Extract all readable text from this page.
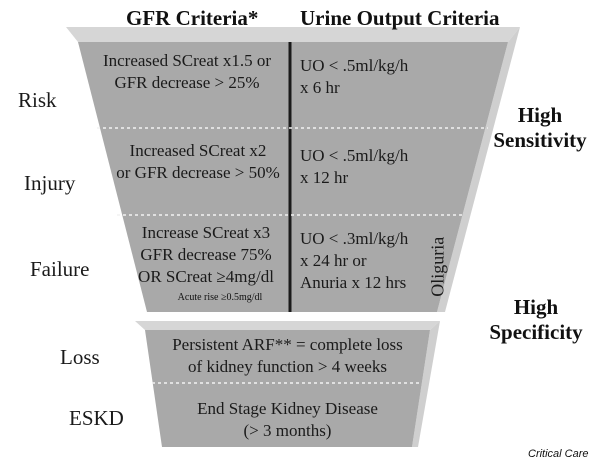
GFR Criteria* Urine Output Criteria
Risk
Injury
Failure
Loss
ESKD
Increased SCreat x1.5 or
GFR decrease > 25%
Increased SCreat x2
or GFR decrease > 50%
Increase SCreat x3
GFR decrease 75%
OR SCreat ≥4mg/dl
Acute rise ≥0.5mg/dl
UO < .5ml/kg/h
x 6 hr
UO < .5ml/kg/h
x 12 hr
UO < .3ml/kg/h
x 24 hr or
Anuria x 12 hrs Oliguria
Persistent ARF** = complete loss
of kidney function > 4 weeks
End Stage Kidney Disease
(> 3 months)
High
Sensitivity
High
Specificity
Critical Care
